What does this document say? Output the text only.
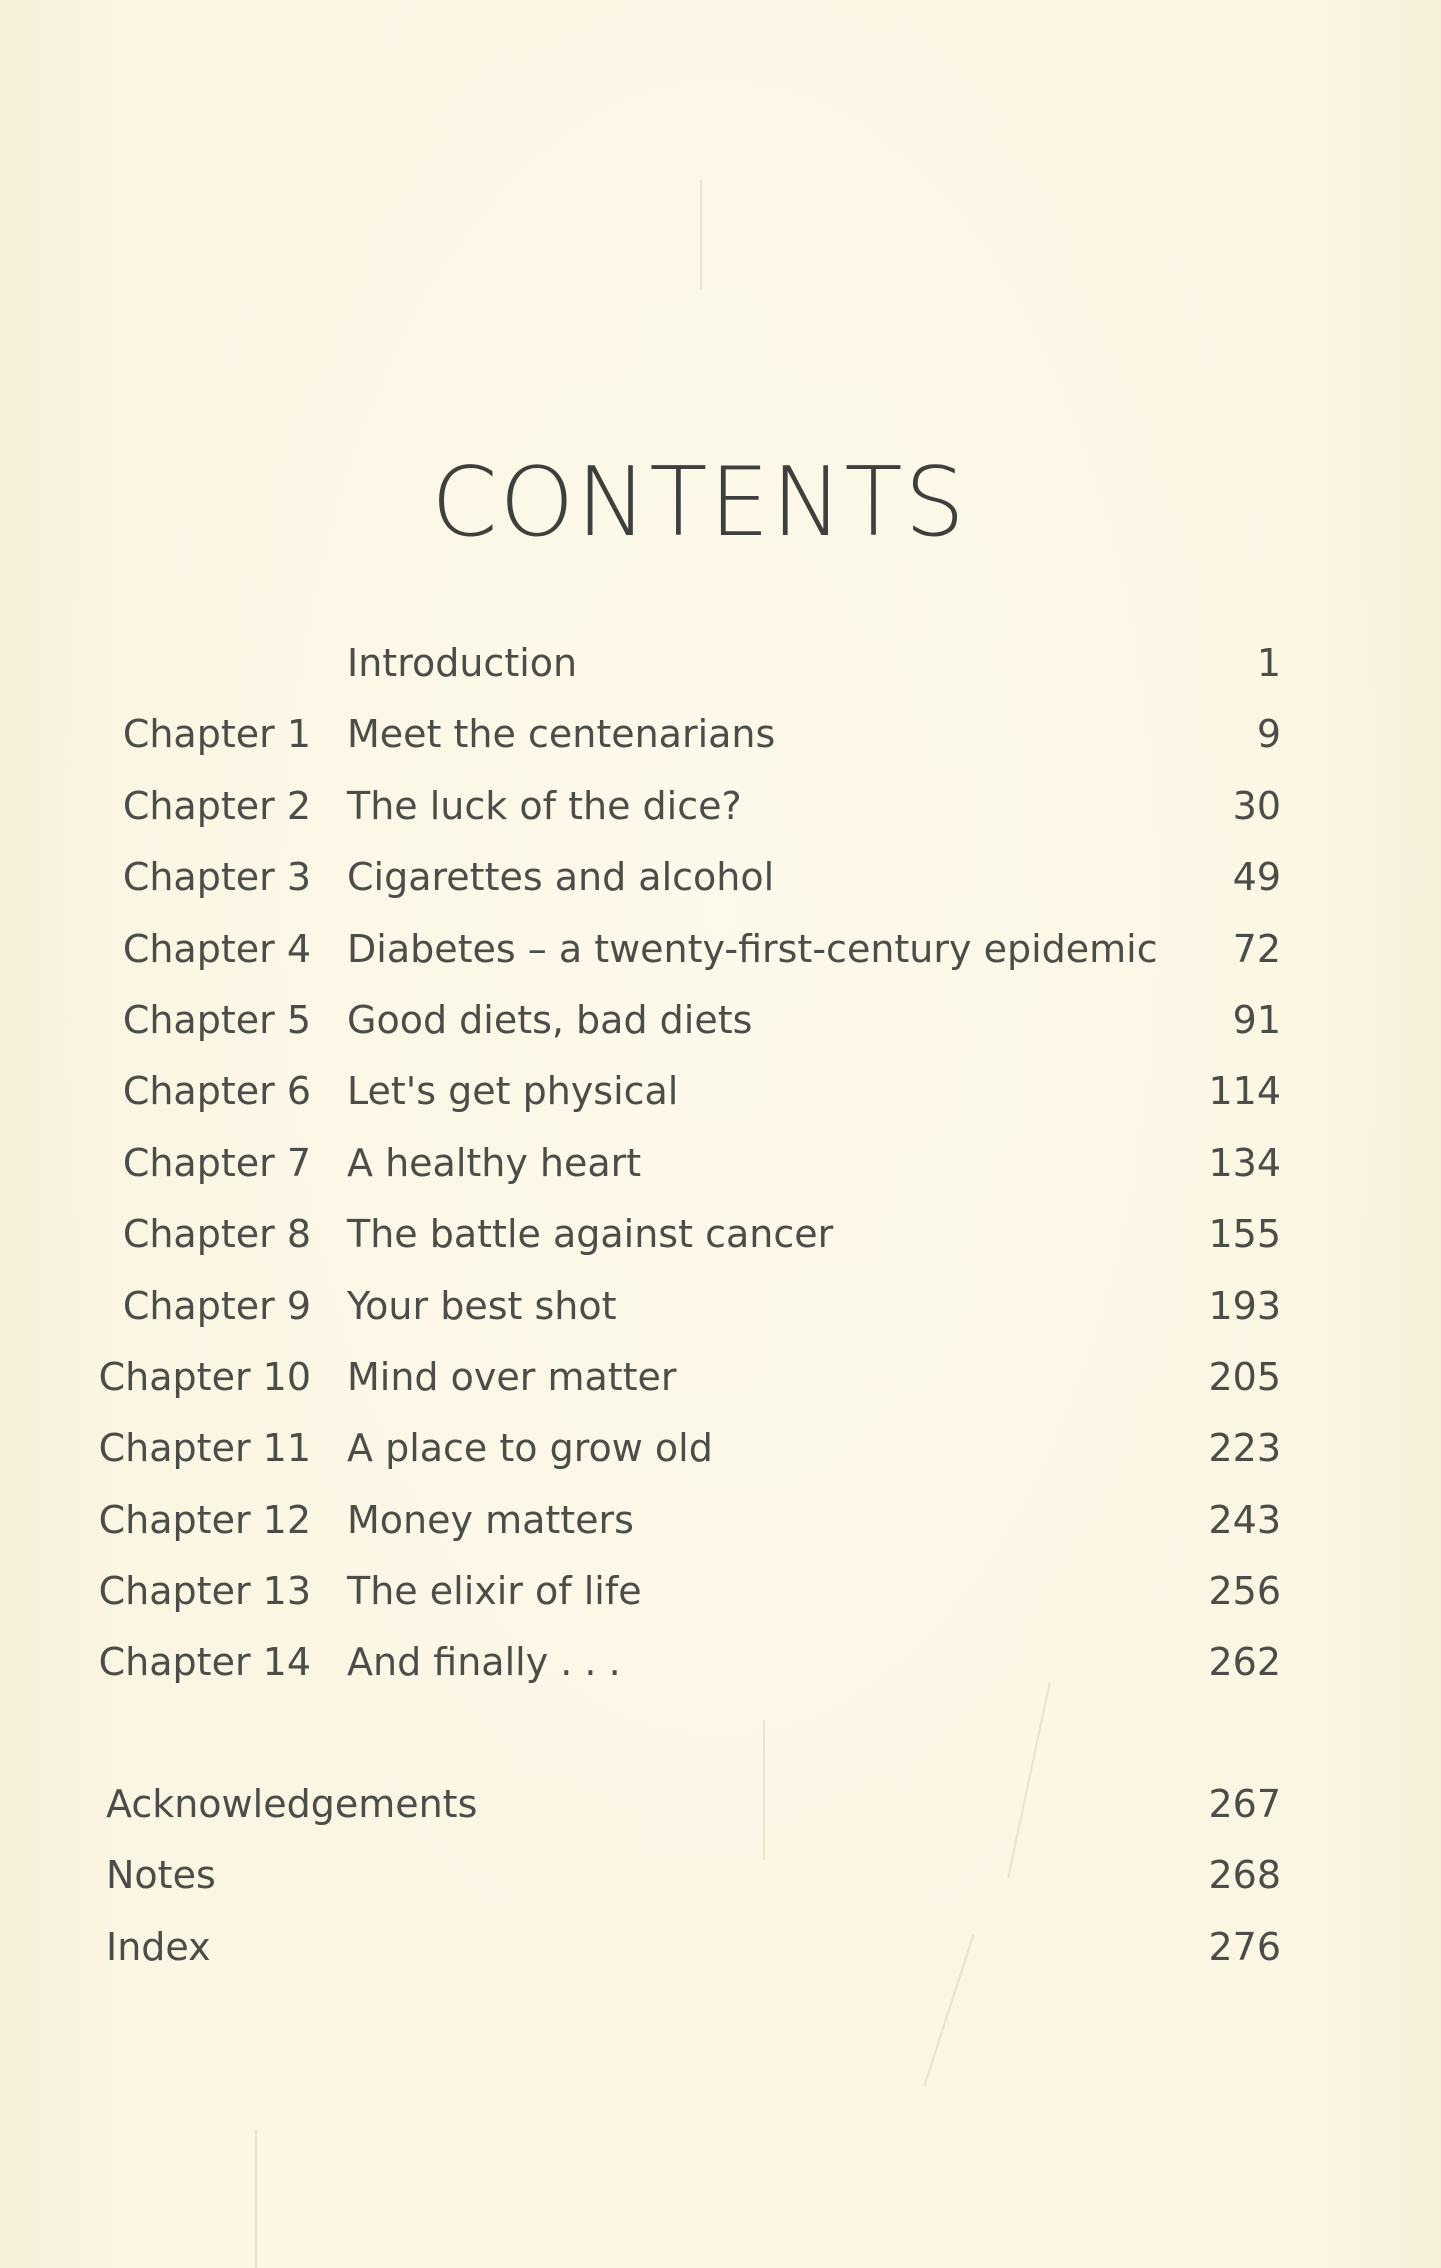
CONTENTS
Introduction	1
Chapter 1 Meet the centenarians	9
Chapter 2 The luck of the dice?	30
Chapter 3 Cigarettes and alcohol	49
Chapter 4 Diabetes – a twenty-first-century epidemic 72
Chapter 5 Good diets, bad diets	91
Chapter 6 Let's get physical	114
Chapter 7 A healthy heart	134
Chapter 8 The battle against cancer	155
Chapter 9 Your best shot	193
Chapter 10 Mind over matter	205
Chapter 11 A place to grow old	223
Chapter 12 Money matters	243
Chapter 13 The elixir of life	256
Chapter 14 And finally . . .	262
Acknowledgements	267
Notes	268
Index	276
